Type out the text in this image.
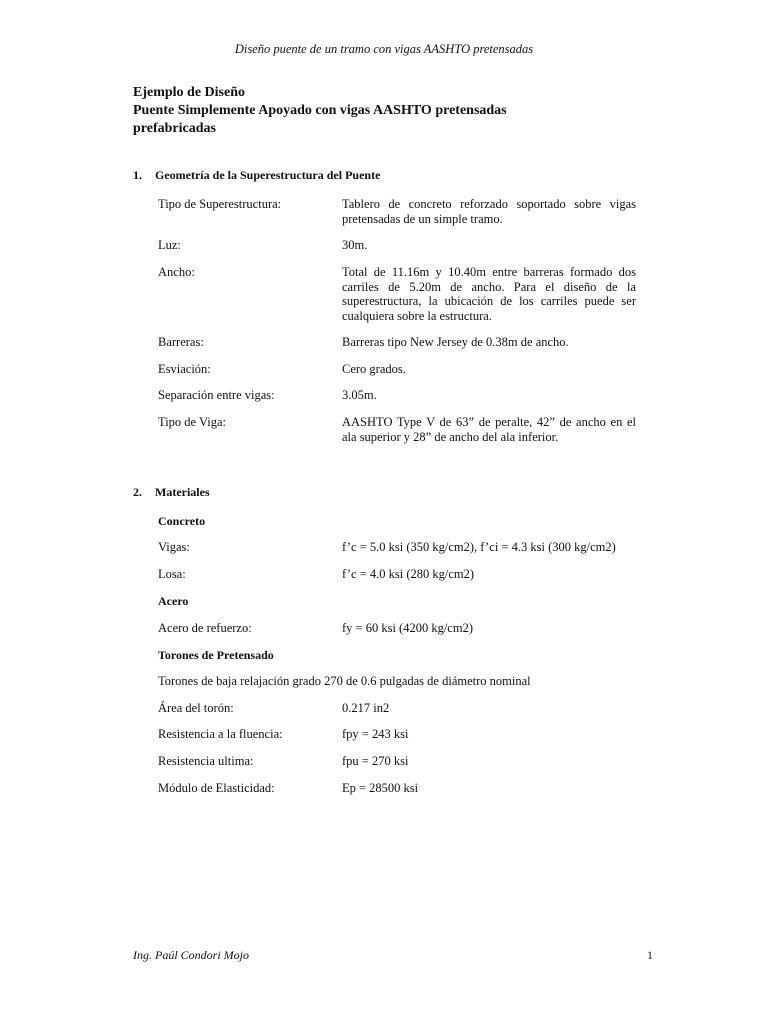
Diseño puente de un tramo con vigas AASHTO pretensadas
Ejemplo de Diseño
Puente Simplemente Apoyado con vigas AASHTO pretensadas
prefabricadas
1. Geometría de la Superestructura del Puente
Tipo de Superestructura:	Tablero de concreto reforzado soportado sobre vigas pretensadas de un simple tramo.
Luz:	30m.
Ancho:	Total de 11.16m y 10.40m entre barreras formado dos carriles de 5.20m de ancho. Para el diseño de la superestructura, la ubicación de los carriles puede ser cualquiera sobre la estructura.
Barreras:	Barreras tipo New Jersey de 0.38m de ancho.
Esviación:	Cero grados.
Separación entre vigas:	3.05m.
Tipo de Viga:	AASHTO Type V de 63” de peralte, 42” de ancho en el ala superior y 28” de ancho del ala inferior.
2. Materiales
Concreto
Vigas:	f’c = 5.0 ksi (350 kg/cm2), f’ci = 4.3 ksi (300 kg/cm2)
Losa:	f’c = 4.0 ksi (280 kg/cm2)
Acero
Acero de refuerzo:	fy = 60 ksi (4200 kg/cm2)
Torones de Pretensado
Torones de baja relajación grado 270 de 0.6 pulgadas de diámetro nominal
Área del torón:	0.217 in2
Resistencia a la fluencia:	fpy = 243 ksi
Resistencia ultima:	fpu = 270 ksi
Módulo de Elasticidad:	Ep = 28500 ksi
Ing. Paúl Condori Mojo	1
